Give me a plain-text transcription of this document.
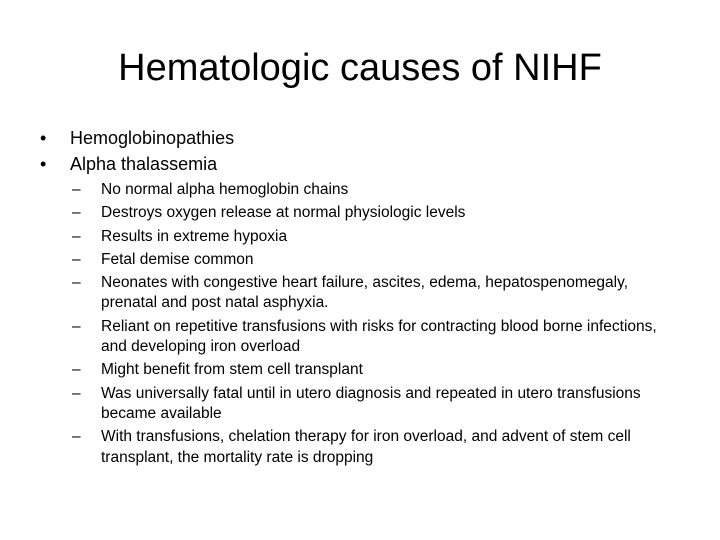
Hematologic causes of NIHF
• Hemoglobinopathies
• Alpha thalassemia
– No normal alpha hemoglobin chains
– Destroys oxygen release at normal physiologic levels
– Results in extreme hypoxia
– Fetal demise common
– Neonates with congestive heart failure, ascites, edema, hepatospenomegaly, prenatal and post natal asphyxia.
– Reliant on repetitive transfusions with risks for contracting blood borne infections, and developing iron overload
– Might benefit from stem cell transplant
– Was universally fatal until in utero diagnosis and repeated in utero transfusions became available
– With transfusions, chelation therapy for iron overload, and advent of stem cell transplant, the mortality rate is dropping
